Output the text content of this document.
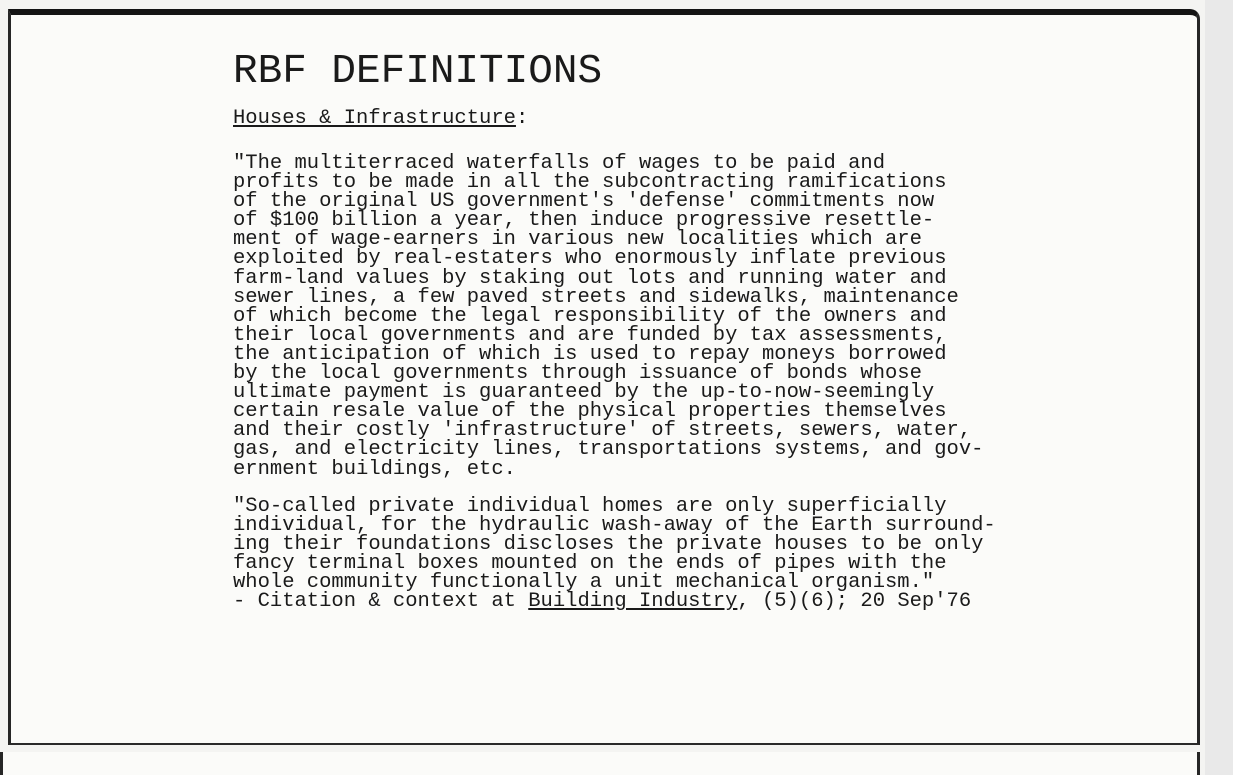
RBF DEFINITIONS
Houses & Infrastructure:
"The multiterraced waterfalls of wages to be paid and
profits to be made in all the subcontracting ramifications
of the original US government's 'defense' commitments now
of $100 billion a year, then induce progressive resettle-
ment of wage-earners in various new localities which are
exploited by real-estaters who enormously inflate previous
farm-land values by staking out lots and running water and
sewer lines, a few paved streets and sidewalks, maintenance
of which become the legal responsibility of the owners and
their local governments and are funded by tax assessments,
the anticipation of which is used to repay moneys borrowed
by the local governments through issuance of bonds whose
ultimate payment is guaranteed by the up-to-now-seemingly
certain resale value of the physical properties themselves
and their costly 'infrastructure' of streets, sewers, water,
gas, and electricity lines, transportations systems, and gov-
ernment buildings, etc.
"So-called private individual homes are only superficially
individual, for the hydraulic wash-away of the Earth surround-
ing their foundations discloses the private houses to be only
fancy terminal boxes mounted on the ends of pipes with the
whole community functionally a unit mechanical organism."
- Citation & context at Building Industry, (5)(6); 20 Sep'76
